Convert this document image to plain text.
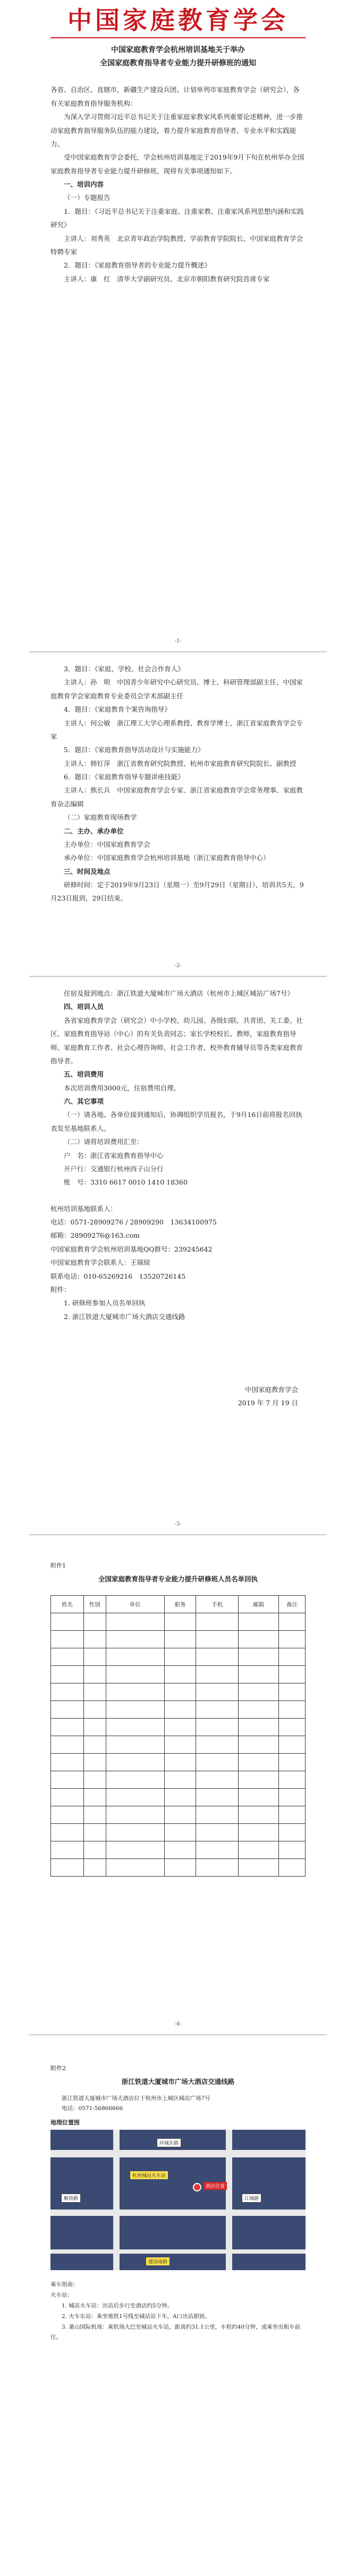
中国家庭教育学会

中国家庭教育学会杭州培训基地关于举办

全国家庭教育指导者专业能力提升研修班的通知

各省、自治区、直辖市，新疆生产建设兵团、计划单列市家庭教育学会（研究会），各有关家庭教育指导服务机构：

为深入学习贯彻习近平总书记关于注重家庭家教家风系列重要论述精神，进一步推动家庭教育指导服务队伍的能力建设，着力提升家庭教育指导者、专业水平和实践能力。

受中国家庭教育学会委托，学会杭州培训基地定于2019年9月下旬在杭州举办全国家庭教育指导者专业能力提升研修班，现将有关事项通知如下。

一、培训内容

（一）专题报告

1．题目：《习近平总书记关于注重家庭、注重家教、注重家风系列思想内涵和实践研究》

主讲人：刘秀英　北京青年政治学院教授、学前教育学院院长、中国家庭教育学会特聘专家

2．题目：《家庭教育指导者的专业能力提升概述》

主讲人：康　红　清华大学副研究员、北京市朝阳教育研究院首席专家

-1-

3．题目：《家庭、学校、社会合作育人》

主讲人：孙　明　中国青少年研究中心研究员、博士、科研管理部副主任、中国家庭教育学会家庭教育专业委员会学术部副主任

4．题目：《家庭教育个案咨询指导》

主讲人：何公敏　浙江理工大学心理系教授、教育学博士、浙江省家庭教育学会专家

5．题目：《家庭教育指导活动设计与实施能力》

主讲人：韩钉萍　浙江省教育研究院教授、杭州市家庭教育研究院院长、副教授

6．题目：《家庭教育指导专题讲座技能》

主讲人：熊长兵　中国家庭教育学会专家、浙江省家庭教育学会常务理事、家庭教育杂志编辑

（二）家庭教育现场教学

二、主办、承办单位

主办单位：中国家庭教育学会

承办单位：中国家庭教育学会杭州培训基地（浙江家庭教育指导中心）

三、时间及地点

研修时间：定于2019年9月23日（星期一）至9月29日（星期日），培训共5天，9月23日报到，29日结束。

-2-

住宿及报到地点：浙江铁道大厦城市广场大酒店（杭州市上城区城站广场7号）

四、培训人员

各省家庭教育学会（研究会）中小学校、幼儿园、各级妇联、共青团、关工委、社区、家庭教育指导站（中心）的有关负责同志；家长学校校长、教师，家庭教育指导师、家庭教育工作者、社会心理咨询师、社会工作者、校外教育辅导员等各类家庭教育指导者。

五、培训费用

本次培训费用3000元，住宿费用自理。

六、其它事项

（一）请各地、各单位接到通知后，协调组织学员报名，于9月16日前将报名回执表发至基地联系人。

（二）请将培训费用汇至：

户　名：浙江省家庭教育指导中心

开户行：交通银行杭州西子山分行

账　号：3310 6617 0010 1410 18360

杭州培训基地联系人：

电话：0571-28909276 / 28909290　13634100975

邮箱：28909276@163.com

中国家庭教育学会杭州培训基地QQ群号：239245642

中国家庭教育学会联系人：王瑞琼

联系电话：010-65269216　13520726145

附件：

1. 研修班参加人员名单回执

2. 浙江铁道大厦城市广场大酒店交通线路

中国家庭教育学会

2019 年 7 月 19 日

-3-
附件1
全国家庭教育指导者专业能力提升研修班人员名单回执
姓名	性别	单位	职务	手机	邮箱	备注

-4-
附件2
浙江铁道大厦城市广场大酒店交通线路

浙江铁道大厦城市广场大酒店位于杭州市上城区城站广场7号

电话：0571-56866666

地理位置图
环城东路
杭州城站火车站
酒店位置
解放路	江城路
建国南路
乘车指南：
火车站：
1. 城站火车站：出站后步行至酒店约5分钟。
2. 火车东站：乘坐地铁1号线至城站站下车，A口出站即到。
3. 萧山国际机场：乘机场大巴至城站火车站，距离约31.1公里，车程约40分钟，或乘坐出租车前往。
